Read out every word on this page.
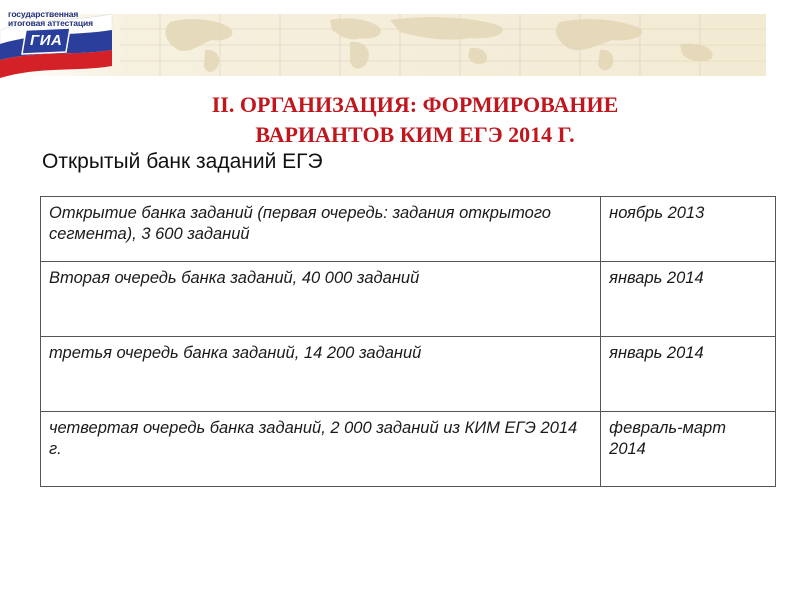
государственная
итоговая аттестация
ГИА
II. ОРГАНИЗАЦИЯ: ФОРМИРОВАНИЕ ВАРИАНТОВ КИМ ЕГЭ 2014 Г.
Открытый банк заданий ЕГЭ
Открытие банка заданий (первая очередь: задания открытого сегмента), 3 600 заданий	ноябрь 2013
Вторая очередь банка заданий, 40 000 заданий	январь 2014
третья очередь банка заданий, 14 200 заданий	январь 2014
четвертая очередь банка заданий, 2 000 заданий из КИМ ЕГЭ 2014 г.	февраль-март 2014
